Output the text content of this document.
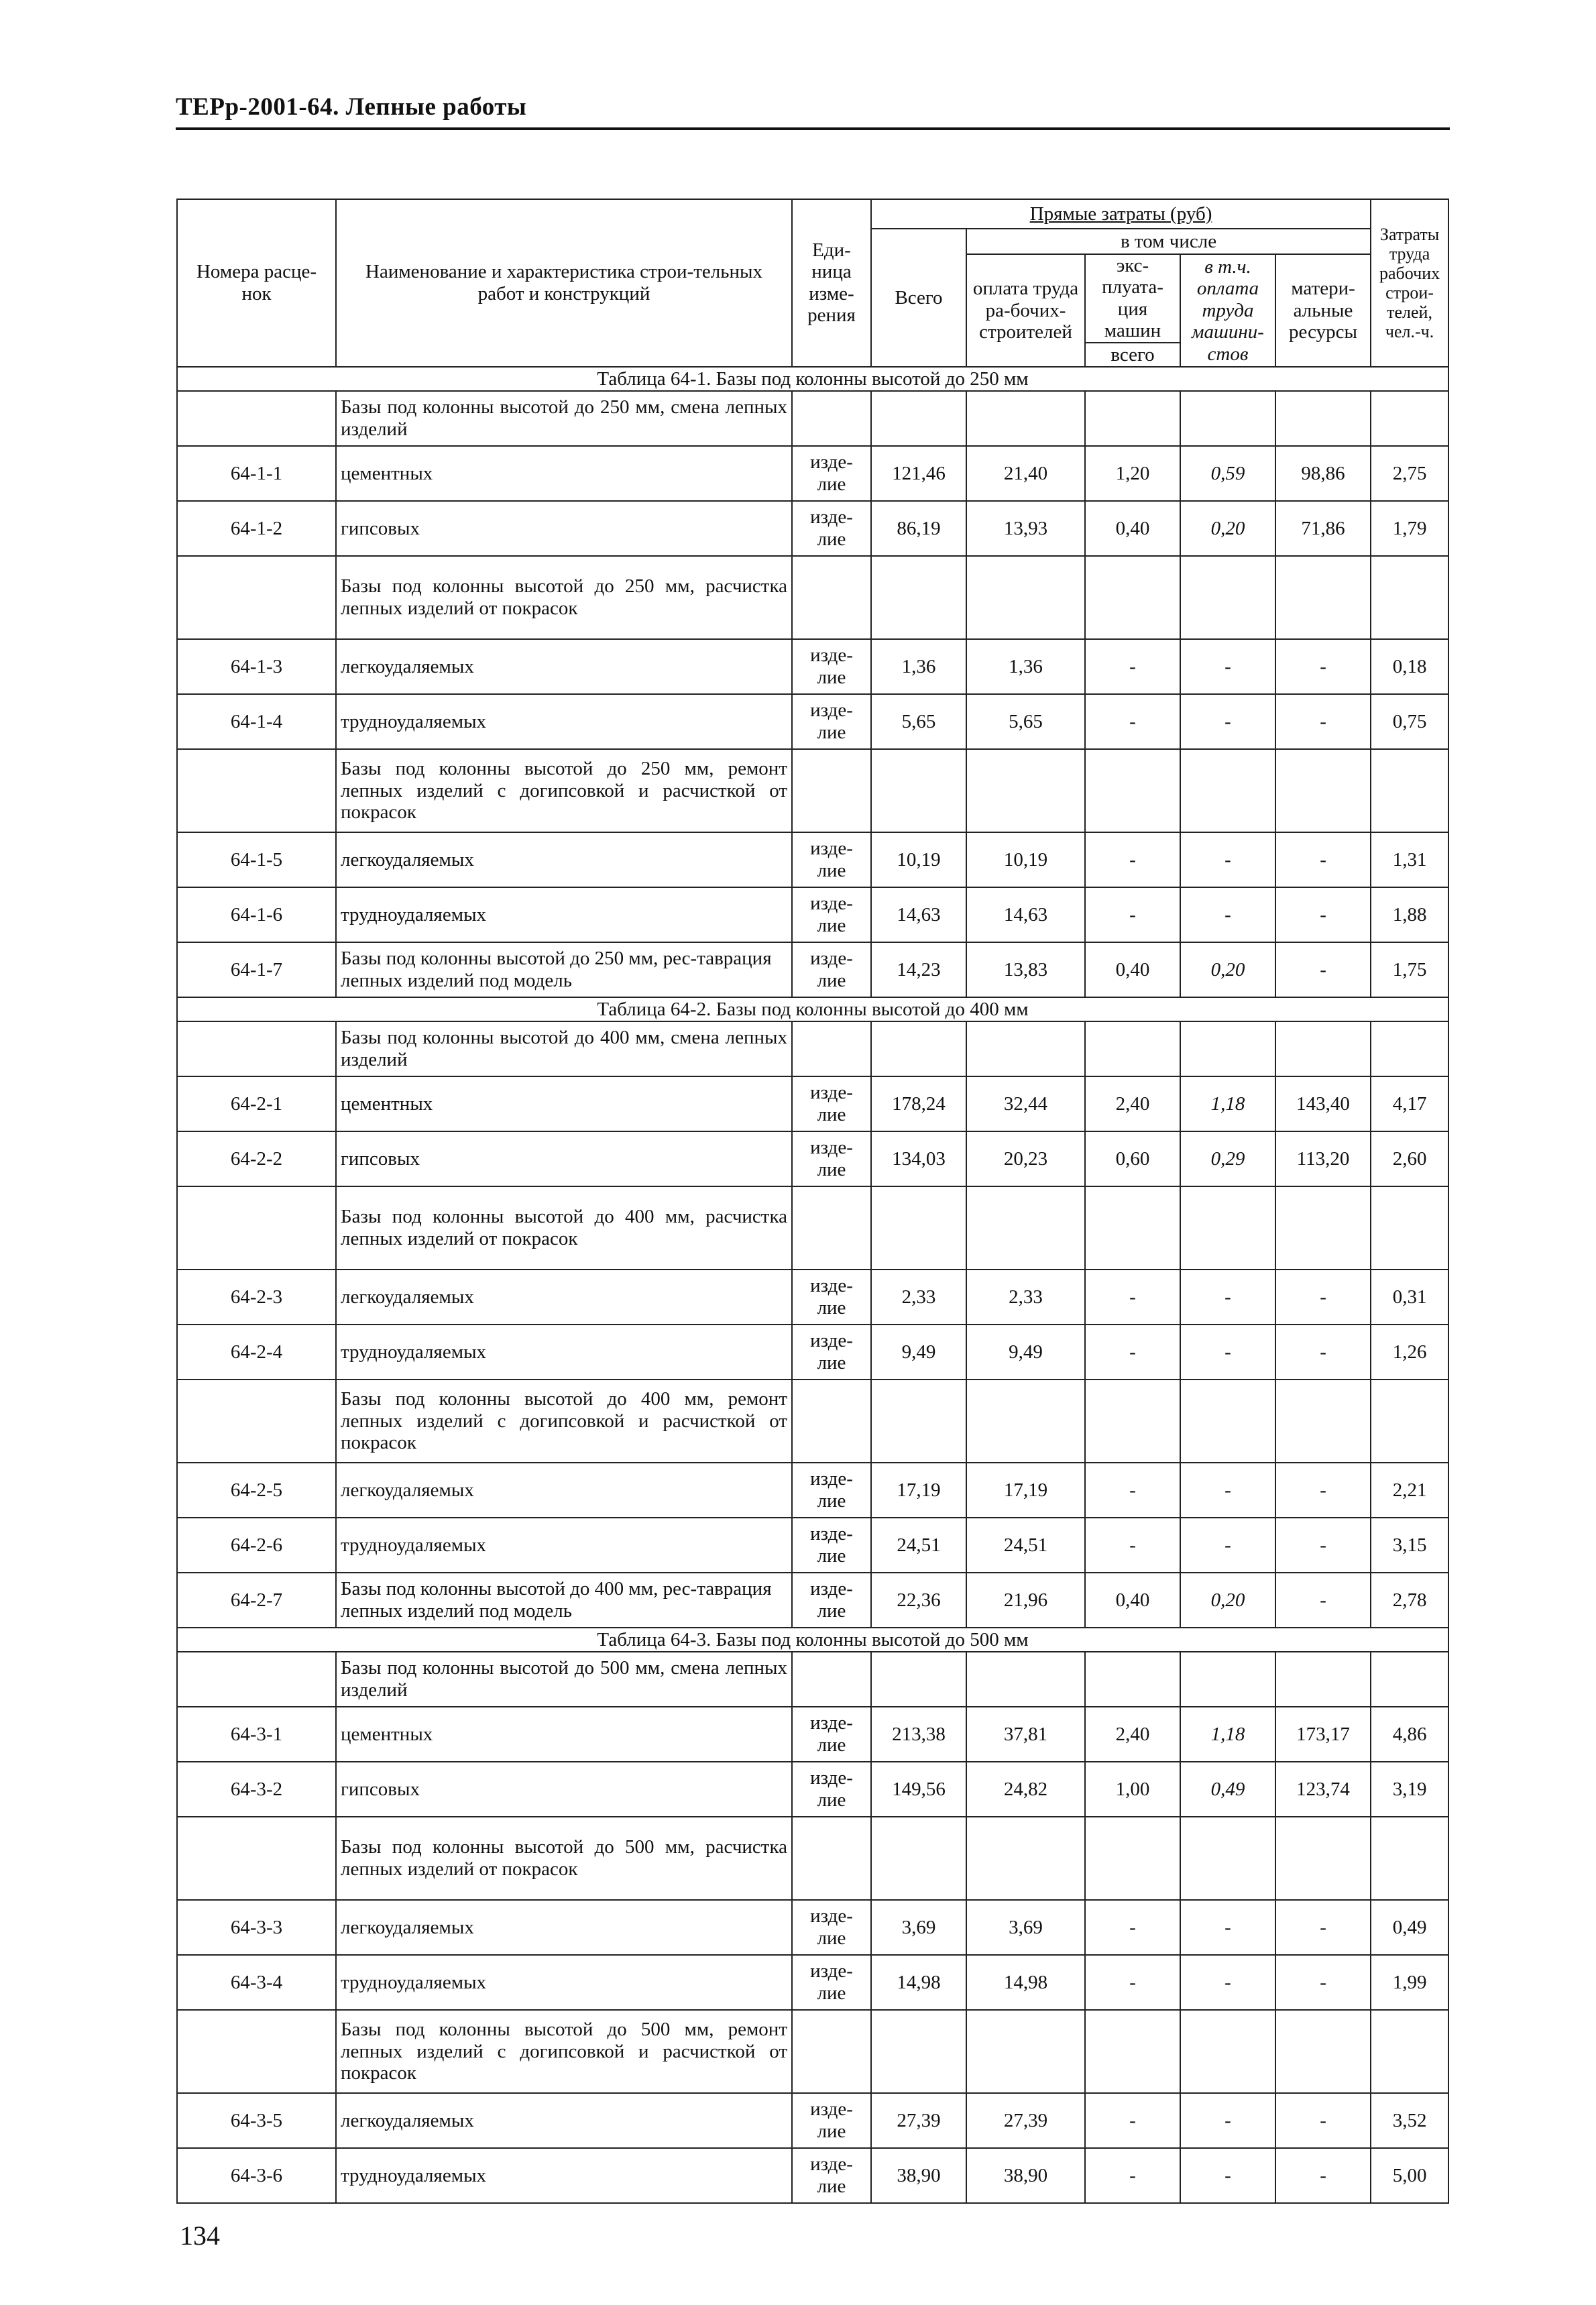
ТЕРр-2001-64. Лепные работы
Номера расце-нок	Наименование и характеристика строи-тельных работ и конструкций	Еди-ница изме-рения	Прямые затраты (руб)					Затраты труда рабочих строи-телей, чел.-ч.
			Всего	в том числе				
				оплата труда ра-бочих-строителей	экс-плуата-ция машин	в т.ч. оплата труда машини-стов	матери-альные ресурсы	

					всего			
Таблица 64-1. Базы под колонны высотой до 250 мм								
	Базы под колонны высотой до 250 мм, смена лепных изделий							
64-1-1	цементных	изде-лие	121,46	21,40	1,20	0,59	98,86	2,75
64-1-2	гипсовых	изде-лие	86,19	13,93	0,40	0,20	71,86	1,79
	Базы под колонны высотой до 250 мм, расчистка лепных изделий от покрасок							
64-1-3	легкоудаляемых	изде-лие	1,36	1,36	-	-	-	0,18
64-1-4	трудноудаляемых	изде-лие	5,65	5,65	-	-	-	0,75
	Базы под колонны высотой до 250 мм, ремонт лепных изделий с догипсовкой и расчисткой от покрасок							
64-1-5	легкоудаляемых	изде-лие	10,19	10,19	-	-	-	1,31
64-1-6	трудноудаляемых	изде-лие	14,63	14,63	-	-	-	1,88
64-1-7	Базы под колонны высотой до 250 мм, рес-таврация лепных изделий под модель	изде-лие	14,23	13,83	0,40	0,20	-	1,75
Таблица 64-2. Базы под колонны высотой до 400 мм								
	Базы под колонны высотой до 400 мм, смена лепных изделий							
64-2-1	цементных	изде-лие	178,24	32,44	2,40	1,18	143,40	4,17
64-2-2	гипсовых	изде-лие	134,03	20,23	0,60	0,29	113,20	2,60
	Базы под колонны высотой до 400 мм, расчистка лепных изделий от покрасок							
64-2-3	легкоудаляемых	изде-лие	2,33	2,33	-	-	-	0,31
64-2-4	трудноудаляемых	изде-лие	9,49	9,49	-	-	-	1,26
	Базы под колонны высотой до 400 мм, ремонт лепных изделий с догипсовкой и расчисткой от покрасок							
64-2-5	легкоудаляемых	изде-лие	17,19	17,19	-	-	-	2,21
64-2-6	трудноудаляемых	изде-лие	24,51	24,51	-	-	-	3,15
64-2-7	Базы под колонны высотой до 400 мм, рес-таврация лепных изделий под модель	изде-лие	22,36	21,96	0,40	0,20	-	2,78
Таблица 64-3. Базы под колонны высотой до 500 мм								
	Базы под колонны высотой до 500 мм, смена лепных изделий							
64-3-1	цементных	изде-лие	213,38	37,81	2,40	1,18	173,17	4,86
64-3-2	гипсовых	изде-лие	149,56	24,82	1,00	0,49	123,74	3,19
	Базы под колонны высотой до 500 мм, расчистка лепных изделий от покрасок							
64-3-3	легкоудаляемых	изде-лие	3,69	3,69	-	-	-	0,49
64-3-4	трудноудаляемых	изде-лие	14,98	14,98	-	-	-	1,99
	Базы под колонны высотой до 500 мм, ремонт лепных изделий с догипсовкой и расчисткой от покрасок							
64-3-5	легкоудаляемых	изде-лие	27,39	27,39	-	-	-	3,52
64-3-6	трудноудаляемых	изде-лие	38,90	38,90	-	-	-	5,00
134
